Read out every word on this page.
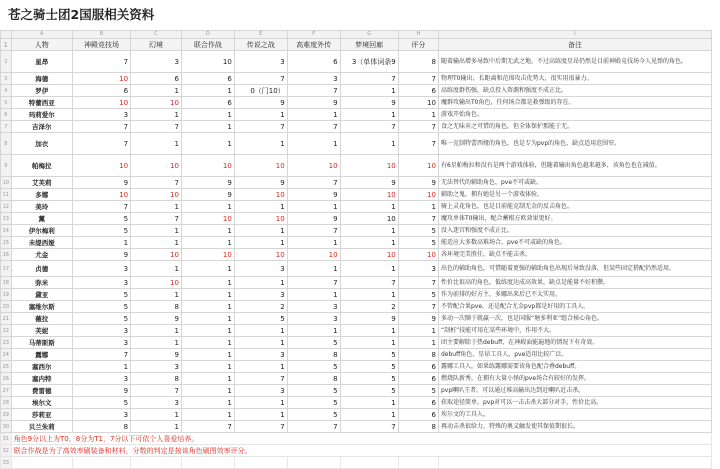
苍之骑士团2国服相关资料
	A	B	C	D	E	F	G	H	I
1	人物	神殿竞技场	幻境	联合作战	传说之战	高难度外传	梦境回廊	评分	备注
2	星昂	7	3	10	3	6	3（单体词条9	8	随着输出增多导致中后期无武之地。不过高练度星昂仍然是目前神殿竞技场今人见弹的角色。
3	海德	10	6	6	7	3	7	7	物理T0输出，长距离和范围攻击优势大，很实用很暴力。
4	罗伊	6	1	1	0（门10）	7	1	6	高练度群伤强，缺点投入资源和强度不成正比。
5	特蕾西亚	10	10	6	9	9	9	10	魔群攻输出T0角色，任何场合都是救弹级的存在。
6	玛莉爱尔	3	1	1	1	1	1	1	游戏开始角色。
7	吉泽尔	7	7	1	7	7	7	7	食之无味弃之可惜的角色，但全体保护那能于无。
8	加衣	7	1	1	1	1	1	7	唯一克制特蕾西娅的角色，也是专为pvp的角色，缺点适用范围窄。
9	帕梅拉	10	10	10	10	10	10	10	有6星帕梅拉和没有是两个游戏体验，但随着输出角色越来越多，该角色也在减值。
10	艾芙莉	9	7	9	9	7	9	9	无法替代的辅助角色，pve不可或缺。
11	多娜	10	10	9	10	9	10	10	辅助之鬼，拥有她是另一个游戏体验。
12	美玲	7	1	1	1	1	1	1	骑上灵花角色，也是目前能克制无金的反击角色。
13	薰	5	7	10	10	9	10	7	魔攻单体T0输出，配合蓄根方欧效果更好。
14	伊尔梅利	5	1	1	1	7	1	5	没入迷宫和强度不成正比。
15	未缇西娅	1	1	1	1	1	1	5	能适应大多数高难场合，pve不可或缺的角色。
16	尤金	9	10	10	10	10	10	10	各环境完美胜任，缺点不能击杀。
17	贞德	3	1	1	3	1	1	3	出色的辅助角色，可惜随着更强的辅助角色出现后导致没落，但某些固定搭配仍然适用。
18	弥米	3	10	1	1	7	7	7	性价比很高的角色，低练度达成高效果，缺点是能量不好积攒。
19	黛亚	5	1	1	3	1	1	5	作为前排的好方主，多娜出来后已不太实用。
20	塞维尔斯	5	8	1	2	3	2	7	不管配合果pve，还是配合尤金pvp都是好用的工具人。
21	薇拉	5	9	1	5	3	9	9	多动一次顺于就赢一次，也是国服“塘多利亚”组合核心角色。
22	芙妮	3	1	1	1	1	1	1	“刮桩”技能可用在某些环境中，作用不大。
23	马蒂斯斯	3	1	1	1	5	1	1	团主要解除于热debuff，在神殿面能遍地的情况下有奇效。
24	露娜	7	9	1	3	8	5	8	debuff角色，星昂工具人，pve适用比较广泛。
25	塞西尔	1	3	1	1	5	5	6	露娜工具人，如果练露娜需要该角色配合叠debuff。
26	塞内特	3	8	1	7	8	5	6	燃烧队新秀，在拥有大量小怪的pve场合有较好的发挥。
27	费雷德	9	7	1	3	5	5	5	pvp喇叭王者，可以通过堆高输出达到近喇叭近击杀。
28	埃尔文	5	3	1	1	5	1	6	获取途径简单，pvp对可以一击击杀大部分对手，性价比高。
29	莎莉亚	3	1	1	1	5	1	6	埃尔文的工具人。
30	贝兰朱莉	8	1	7	7	7	7	8	再动击杀很给力，特殊的奥义触发使其保值期很长。
31	角色9分以上为T0，8分为T1，7分以下可依个人喜爱培养。								
32	联合作战是为了高效率刷装备和材料，分数的判定是按该角色刷图效率评分。								
33									
